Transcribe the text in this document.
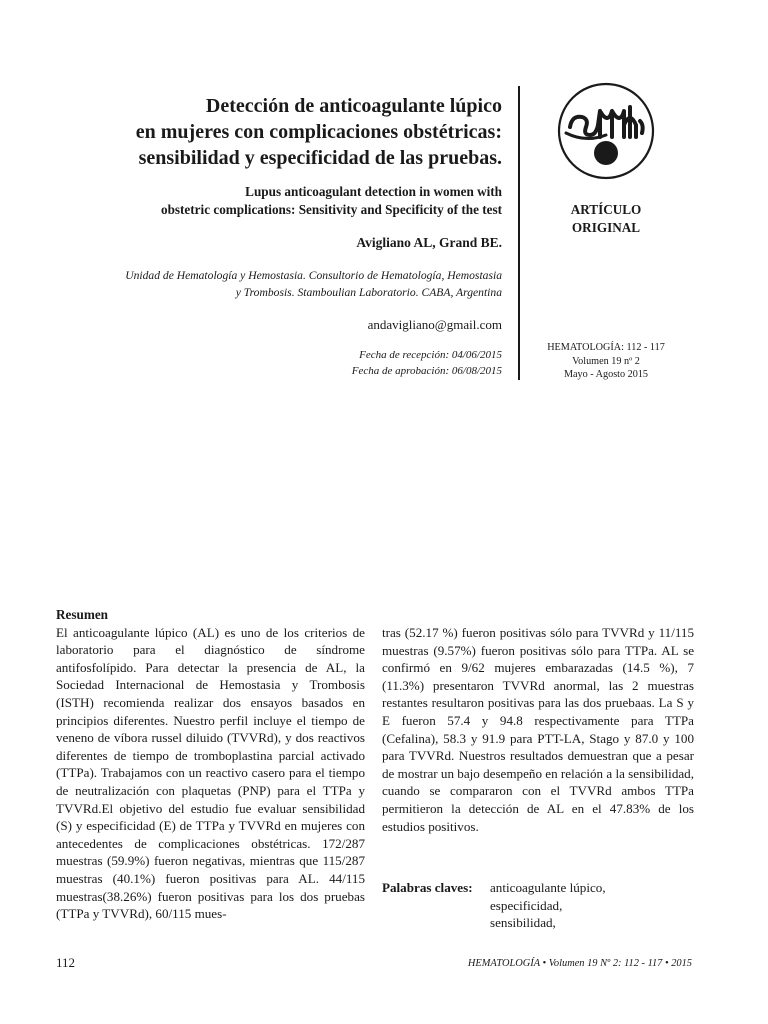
Detección de anticoagulante lúpico
en mujeres con complicaciones obstétricas:
sensibilidad y especificidad de las pruebas.
Lupus anticoagulant detection in women with
obstetric complications: Sensitivity and Specificity of the test
Avigliano AL, Grand BE.
Unidad de Hematología y Hemostasia. Consultorio de Hematología, Hemostasia
y Trombosis. Stamboulian Laboratorio. CABA, Argentina
andavigliano@gmail.com
Fecha de recepción: 04/06/2015
Fecha de aprobación: 06/08/2015
ARTÍCULO
ORIGINAL
HEMATOLOGÍA: 112 - 117
Volumen 19 nº 2
Mayo - Agosto 2015
Resumen

El anticoagulante lúpico (AL) es uno de los criterios de laboratorio para el diagnóstico de síndrome antifosfolípido. Para detectar la presencia de AL, la Sociedad Internacional de Hemostasia y Trombosis (ISTH) recomienda realizar dos ensayos basados en principios diferentes. Nuestro perfil incluye el tiempo de veneno de víbora russel diluido (TVVRd), y dos reactivos diferentes de tiempo de tromboplastina parcial activado (TTPa). Trabajamos con un reactivo casero para el tiempo de neutralización con plaquetas (PNP) para el TTPa y TVVRd.El objetivo del estudio fue evaluar sensibilidad (S) y especificidad (E) de TTPa y TVVRd en mujeres con antecedentes de complicaciones obstétricas. 172/287 muestras (59.9%) fueron negativas, mientras que 115/287 muestras (40.1%) fueron positivas para AL. 44/115 muestras(38.26%) fueron positivas para los dos pruebas (TTPa y TVVRd), 60/115 mues-

tras (52.17 %) fueron positivas sólo para TVVRd y 11/115 muestras (9.57%) fueron positivas sólo para TTPa. AL se confirmó en 9/62 mujeres embarazadas (14.5 %), 7 (11.3%) presentaron TVVRd anormal, las 2 muestras restantes resultaron positivas para las dos pruebaas. La S y E fueron 57.4 y 94.8 respectivamente para TTPa (Cefalina), 58.3 y 91.9 para PTT-LA, Stago y 87.0 y 100 para TVVRd. Nuestros resultados demuestran que a pesar de mostrar un bajo desempeño en relación a la sensibilidad, cuando se compararon con el TVVRd ambos TTPa permitieron la detección de AL en el 47.83% de los estudios positivos.

Palabras claves: anticoagulante lúpico,
especificidad,
sensibilidad,
112	HEMATOLOGÍA • Volumen 19 Nº 2: 112 - 117 • 2015
